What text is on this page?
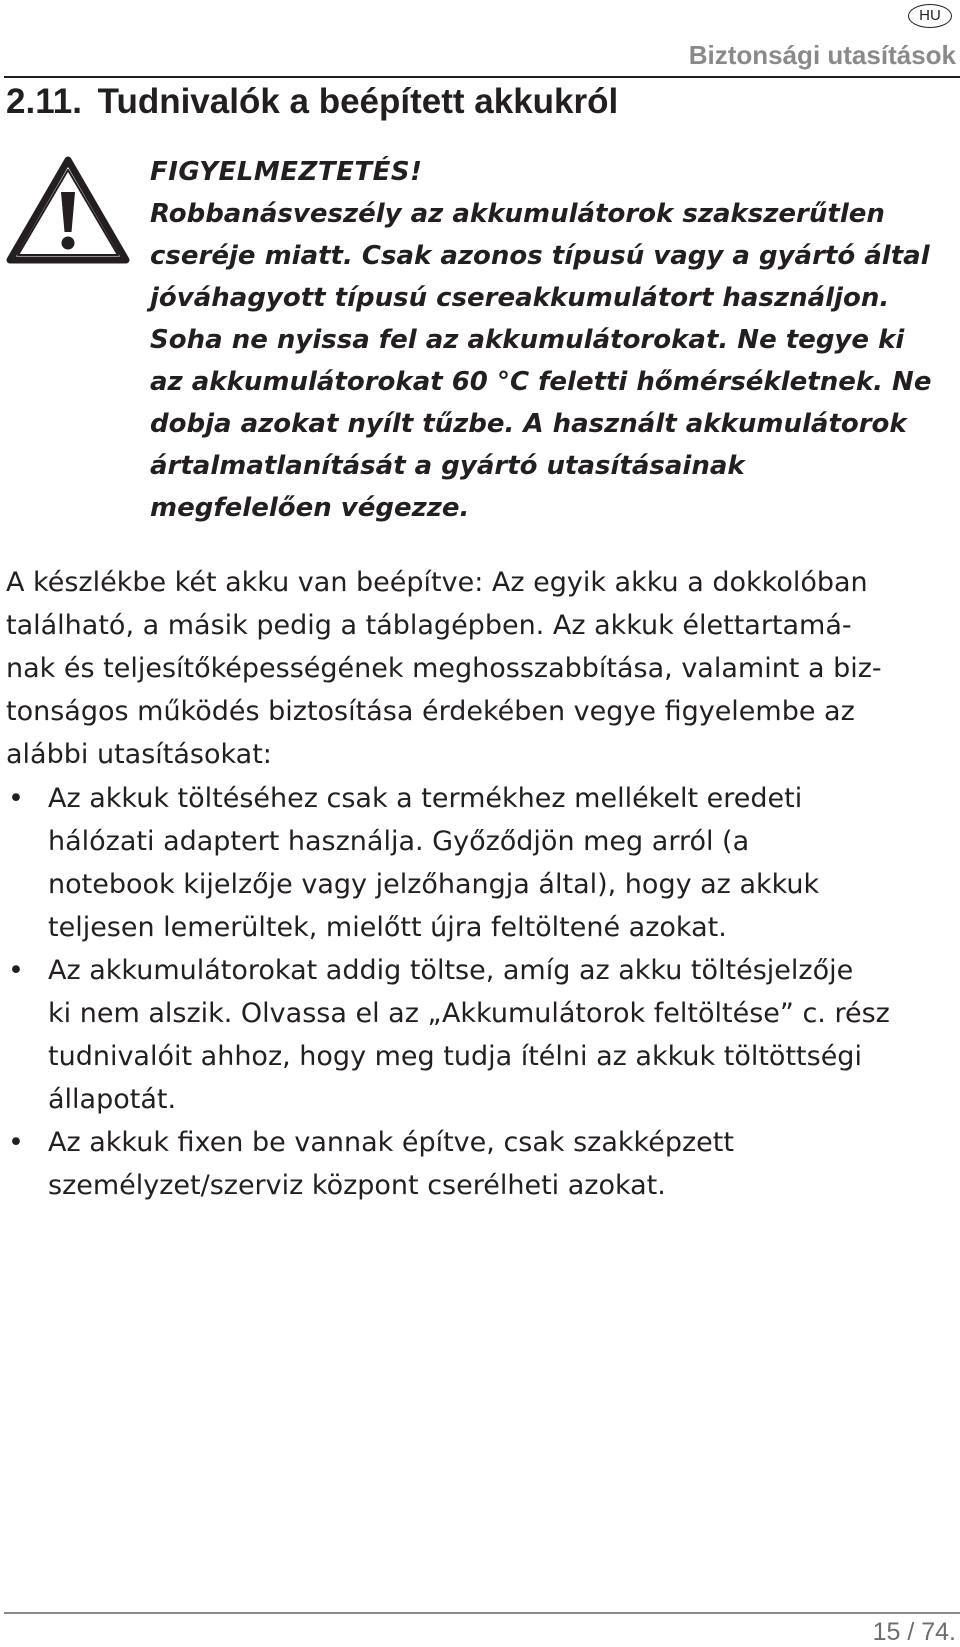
HU
Biztonsági utasítások
2.11. Tudnivalók a beépített akkukról
FIGYELMEZTETÉS!
Robbanásveszély az akkumulátorok szakszerűtlen
cseréje miatt. Csak azonos típusú vagy a gyártó által
jóváhagyott típusú csereakkumulátort használjon.
Soha ne nyissa fel az akkumulátorokat. Ne tegye ki
az akkumulátorokat 60 °C feletti hőmérsékletnek. Ne
dobja azokat nyílt tűzbe. A használt akkumulátorok
ártalmatlanítását a gyártó utasításainak
megfelelően végezze.
A készlékbe két akku van beépítve: Az egyik akku a dokkolóban
található, a másik pedig a táblagépben. Az akkuk élettartamá-
nak és teljesítőképességének meghosszabbítása, valamint a biz-
tonságos működés biztosítása érdekében vegye figyelembe az
alábbi utasításokat:
• Az akkuk töltéséhez csak a termékhez mellékelt eredeti
hálózati adaptert használja. Győződjön meg arról (a
notebook kijelzője vagy jelzőhangja által), hogy az akkuk
teljesen lemerültek, mielőtt újra feltöltené azokat.
• Az akkumulátorokat addig töltse, amíg az akku töltésjelzője
ki nem alszik. Olvassa el az „Akkumulátorok feltöltése” c. rész
tudnivalóit ahhoz, hogy meg tudja ítélni az akkuk töltöttségi
állapotát.
• Az akkuk fixen be vannak építve, csak szakképzett
személyzet/szerviz központ cserélheti azokat.
15 / 74.
